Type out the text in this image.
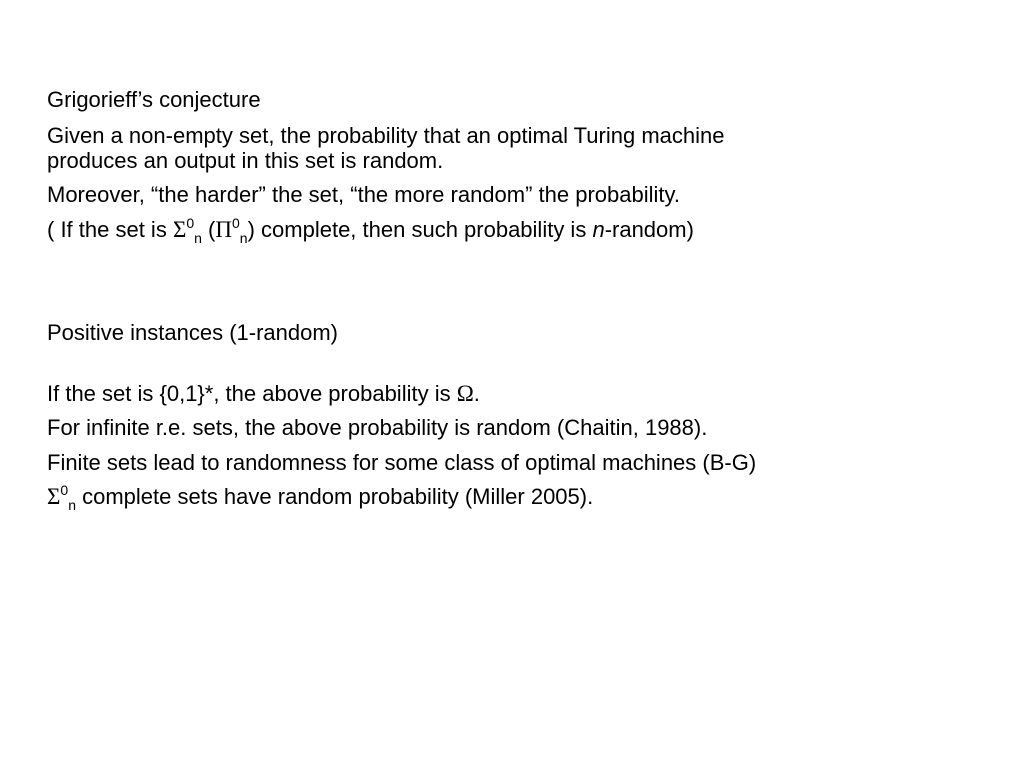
Grigorieff’s conjecture
Given a non-empty set, the probability that an optimal Turing machine
produces an output in this set is random.
Moreover, “the harder” the set, “the more random” the probability.
( If the set is $\Sigma^0_n$ $(\Pi^0_n)$ complete, then such probability is n-random)
Positive instances (1-random)
If the set is {0,1}*, the above probability is Ω.
For infinite r.e. sets, the above probability is random (Chaitin, 1988).
Finite sets lead to randomness for some class of optimal machines (B-G)
$\Sigma^0_n$ complete sets have random probability (Miller 2005).
